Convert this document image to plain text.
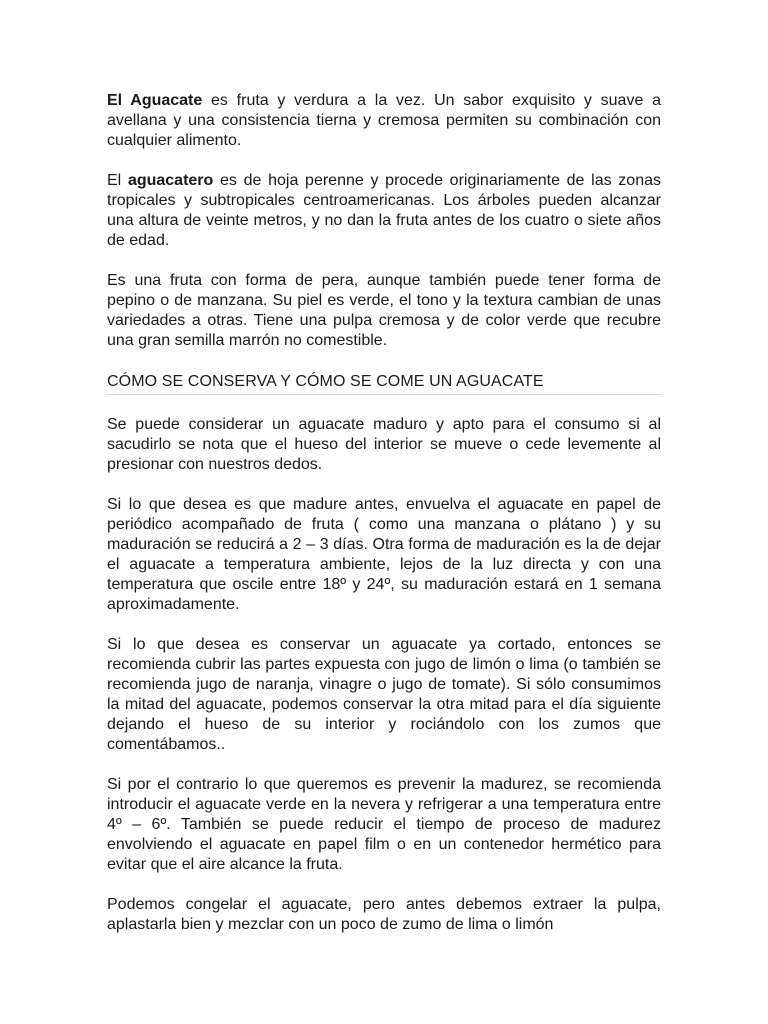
El Aguacate es fruta y verdura a la vez. Un sabor exquisito y suave a avellana y una consistencia tierna y cremosa permiten su combinación con cualquier alimento.

El aguacatero es de hoja perenne y procede originariamente de las zonas tropicales y subtropicales centroamericanas. Los árboles pueden alcanzar una altura de veinte metros, y no dan la fruta antes de los cuatro o siete años de edad.

Es una fruta con forma de pera, aunque también puede tener forma de pepino o de manzana. Su piel es verde, el tono y la textura cambian de unas variedades a otras. Tiene una pulpa cremosa y de color verde que recubre una gran semilla marrón no comestible.

CÓMO SE CONSERVA Y CÓMO SE COME UN AGUACATE

Se puede considerar un aguacate maduro y apto para el consumo si al sacudirlo se nota que el hueso del interior se mueve o cede levemente al presionar con nuestros dedos.

Si lo que desea es que madure antes, envuelva el aguacate en papel de periódico acompañado de fruta ( como una manzana o plátano ) y su maduración se reducirá a 2 – 3 días. Otra forma de maduración es la de dejar el aguacate a temperatura ambiente, lejos de la luz directa y con una temperatura que oscile entre 18º y 24º, su maduración estará en 1 semana aproximadamente.

Si lo que desea es conservar un aguacate ya cortado, entonces se recomienda cubrir las partes expuesta con jugo de limón o lima (o también se recomienda jugo de naranja, vinagre o jugo de tomate). Si sólo consumimos la mitad del aguacate, podemos conservar la otra mitad para el día siguiente dejando el hueso de su interior y rociándolo con los zumos que comentábamos..

Si por el contrario lo que queremos es prevenir la madurez, se recomienda introducir el aguacate verde en la nevera y refrigerar a una temperatura entre 4º – 6º. También se puede reducir el tiempo de proceso de madurez envolviendo el aguacate en papel film o en un contenedor hermético para evitar que el aire alcance la fruta.

Podemos congelar el aguacate, pero antes debemos extraer la pulpa, aplastarla bien y mezclar con un poco de zumo de lima o limón
